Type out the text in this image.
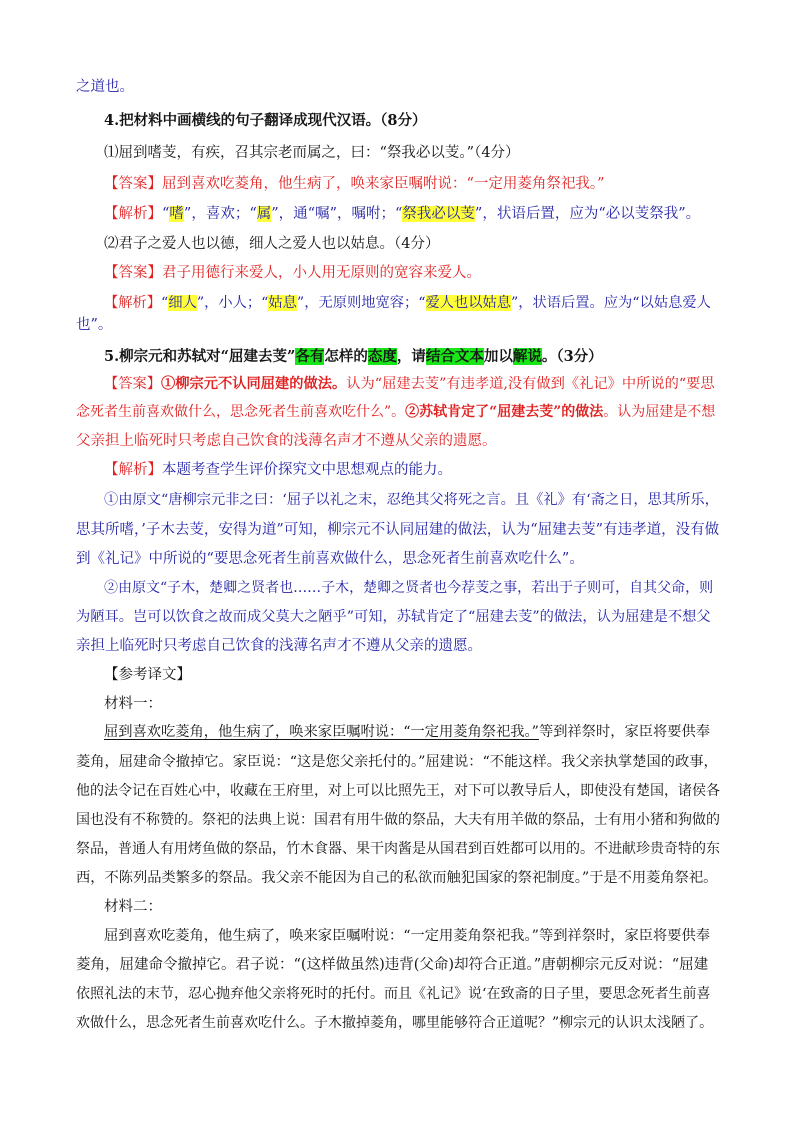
之道也。
4.把材料中画横线的句子翻译成现代汉语。（8分）
⑴屈到嗜芰，有疾，召其宗老而属之，曰：“祭我必以芰。”（4分）
【答案】屈到喜欢吃菱角，他生病了，唤来家臣嘱咐说：“一定用菱角祭祀我。”
【解析】“嗜”，喜欢；“属”，通“嘱”，嘱咐；“祭我必以芰”，状语后置，应为“必以芰祭我”。
⑵君子之爱人也以德，细人之爱人也以姑息。（4分）
【答案】君子用德行来爱人，小人用无原则的宽容来爱人。
【解析】“细人”，小人；“姑息”，无原则地宽容；“爱人也以姑息”，状语后置。应为“以姑息爱人
也”。
5.柳宗元和苏轼对“屈建去芰”各有怎样的态度，请结合文本加以解说。（3分）
【答案】①柳宗元不认同屈建的做法。认为“屈建去芰”有违孝道,没有做到《礼记》中所说的“要思
念死者生前喜欢做什么，思念死者生前喜欢吃什么”。②苏轼肯定了“屈建去芰”的做法。认为屈建是不想
父亲担上临死时只考虑自己饮食的浅薄名声才不遵从父亲的遗愿。
【解析】本题考查学生评价探究文中思想观点的能力。
①由原文“唐柳宗元非之曰：‘屈子以礼之末，忍绝其父将死之言。且《礼》有‘斋之日，思其所乐，
思其所嗜，’子木去芰，安得为道”可知，柳宗元不认同屈建的做法，认为“屈建去芰”有违孝道，没有做
到《礼记》中所说的“要思念死者生前喜欢做什么，思念死者生前喜欢吃什么”。
②由原文“子木，楚卿之贤者也……子木，楚卿之贤者也今荐芰之事，若出于子则可，自其父命，则
为陋耳。岂可以饮食之故而成父莫大之陋乎”可知，苏轼肯定了“屈建去芰”的做法，认为屈建是不想父
亲担上临死时只考虑自己饮食的浅薄名声才不遵从父亲的遗愿。
【参考译文】
材料一：
屈到喜欢吃菱角，他生病了，唤来家臣嘱咐说：“一定用菱角祭祀我。”等到祥祭时，家臣将要供奉
菱角，屈建命令撤掉它。家臣说：“这是您父亲托付的。”屈建说：“不能这样。我父亲执掌楚国的政事，
他的法令记在百姓心中，收藏在王府里，对上可以比照先王，对下可以教导后人，即使没有楚国，诸侯各
国也没有不称赞的。祭祀的法典上说：国君有用牛做的祭品，大夫有用羊做的祭品，士有用小猪和狗做的
祭品，普通人有用烤鱼做的祭品，竹木食器、果干肉酱是从国君到百姓都可以用的。不进献珍贵奇特的东
西，不陈列品类繁多的祭品。我父亲不能因为自己的私欲而触犯国家的祭祀制度。”于是不用菱角祭祀。
材料二：
屈到喜欢吃菱角，他生病了，唤来家臣嘱咐说：“一定用菱角祭祀我。”等到祥祭时，家臣将要供奉
菱角，屈建命令撤掉它。君子说：“(这样做虽然)违背(父命)却符合正道。”唐朝柳宗元反对说：“屈建
依照礼法的末节，忍心抛弃他父亲将死时的托付。而且《礼记》说‘在致斋的日子里，要思念死者生前喜
欢做什么，思念死者生前喜欢吃什么。子木撤掉菱角，哪里能够符合正道呢？”柳宗元的认识太浅陋了。
